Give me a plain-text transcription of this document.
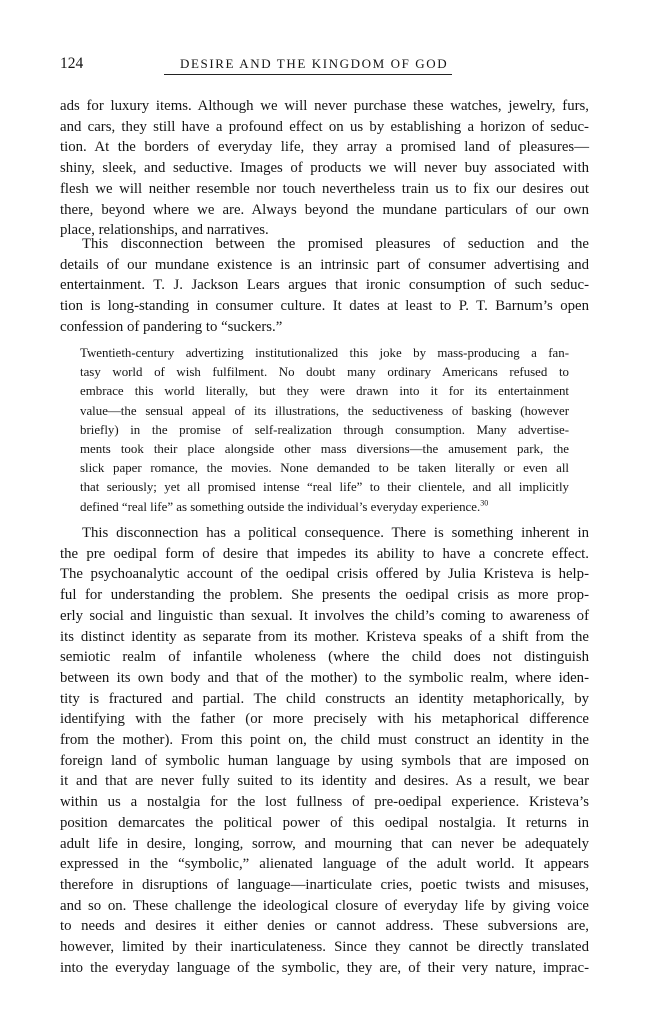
124	DESIRE AND THE KINGDOM OF GOD
ads for luxury items. Although we will never purchase these watches, jewelry, furs,
and cars, they still have a profound effect on us by establishing a horizon of seduc-
tion. At the borders of everyday life, they array a promised land of pleasures—
shiny, sleek, and seductive. Images of products we will never buy associated with
flesh we will neither resemble nor touch nevertheless train us to fix our desires out
there, beyond where we are. Always beyond the mundane particulars of our own
place, relationships, and narratives.
This disconnection between the promised pleasures of seduction and the
details of our mundane existence is an intrinsic part of consumer advertising and
entertainment. T. J. Jackson Lears argues that ironic consumption of such seduc-
tion is long-standing in consumer culture. It dates at least to P. T. Barnum’s open
confession of pandering to “suckers.”
Twentieth-century advertizing institutionalized this joke by mass-producing a fan-
tasy world of wish fulfilment. No doubt many ordinary Americans refused to
embrace this world literally, but they were drawn into it for its entertainment
value—the sensual appeal of its illustrations, the seductiveness of basking (however
briefly) in the promise of self-realization through consumption. Many advertise-
ments took their place alongside other mass diversions—the amusement park, the
slick paper romance, the movies. None demanded to be taken literally or even all
that seriously; yet all promised intense “real life” to their clientele, and all implicitly
defined “real life” as something outside the individual’s everyday experience.$^{30}$
This disconnection has a political consequence. There is something inherent in
the pre oedipal form of desire that impedes its ability to have a concrete effect.
The psychoanalytic account of the oedipal crisis offered by Julia Kristeva is help-
ful for understanding the problem. She presents the oedipal crisis as more prop-
erly social and linguistic than sexual. It involves the child’s coming to awareness of
its distinct identity as separate from its mother. Kristeva speaks of a shift from the
semiotic realm of infantile wholeness (where the child does not distinguish
between its own body and that of the mother) to the symbolic realm, where iden-
tity is fractured and partial. The child constructs an identity metaphorically, by
identifying with the father (or more precisely with his metaphorical difference
from the mother). From this point on, the child must construct an identity in the
foreign land of symbolic human language by using symbols that are imposed on
it and that are never fully suited to its identity and desires. As a result, we bear
within us a nostalgia for the lost fullness of pre-oedipal experience. Kristeva’s
position demarcates the political power of this oedipal nostalgia. It returns in
adult life in desire, longing, sorrow, and mourning that can never be adequately
expressed in the “symbolic,” alienated language of the adult world. It appears
therefore in disruptions of language—inarticulate cries, poetic twists and misuses,
and so on. These challenge the ideological closure of everyday life by giving voice
to needs and desires it either denies or cannot address. These subversions are,
however, limited by their inarticulateness. Since they cannot be directly translated
into the everyday language of the symbolic, they are, of their very nature, imprac-
